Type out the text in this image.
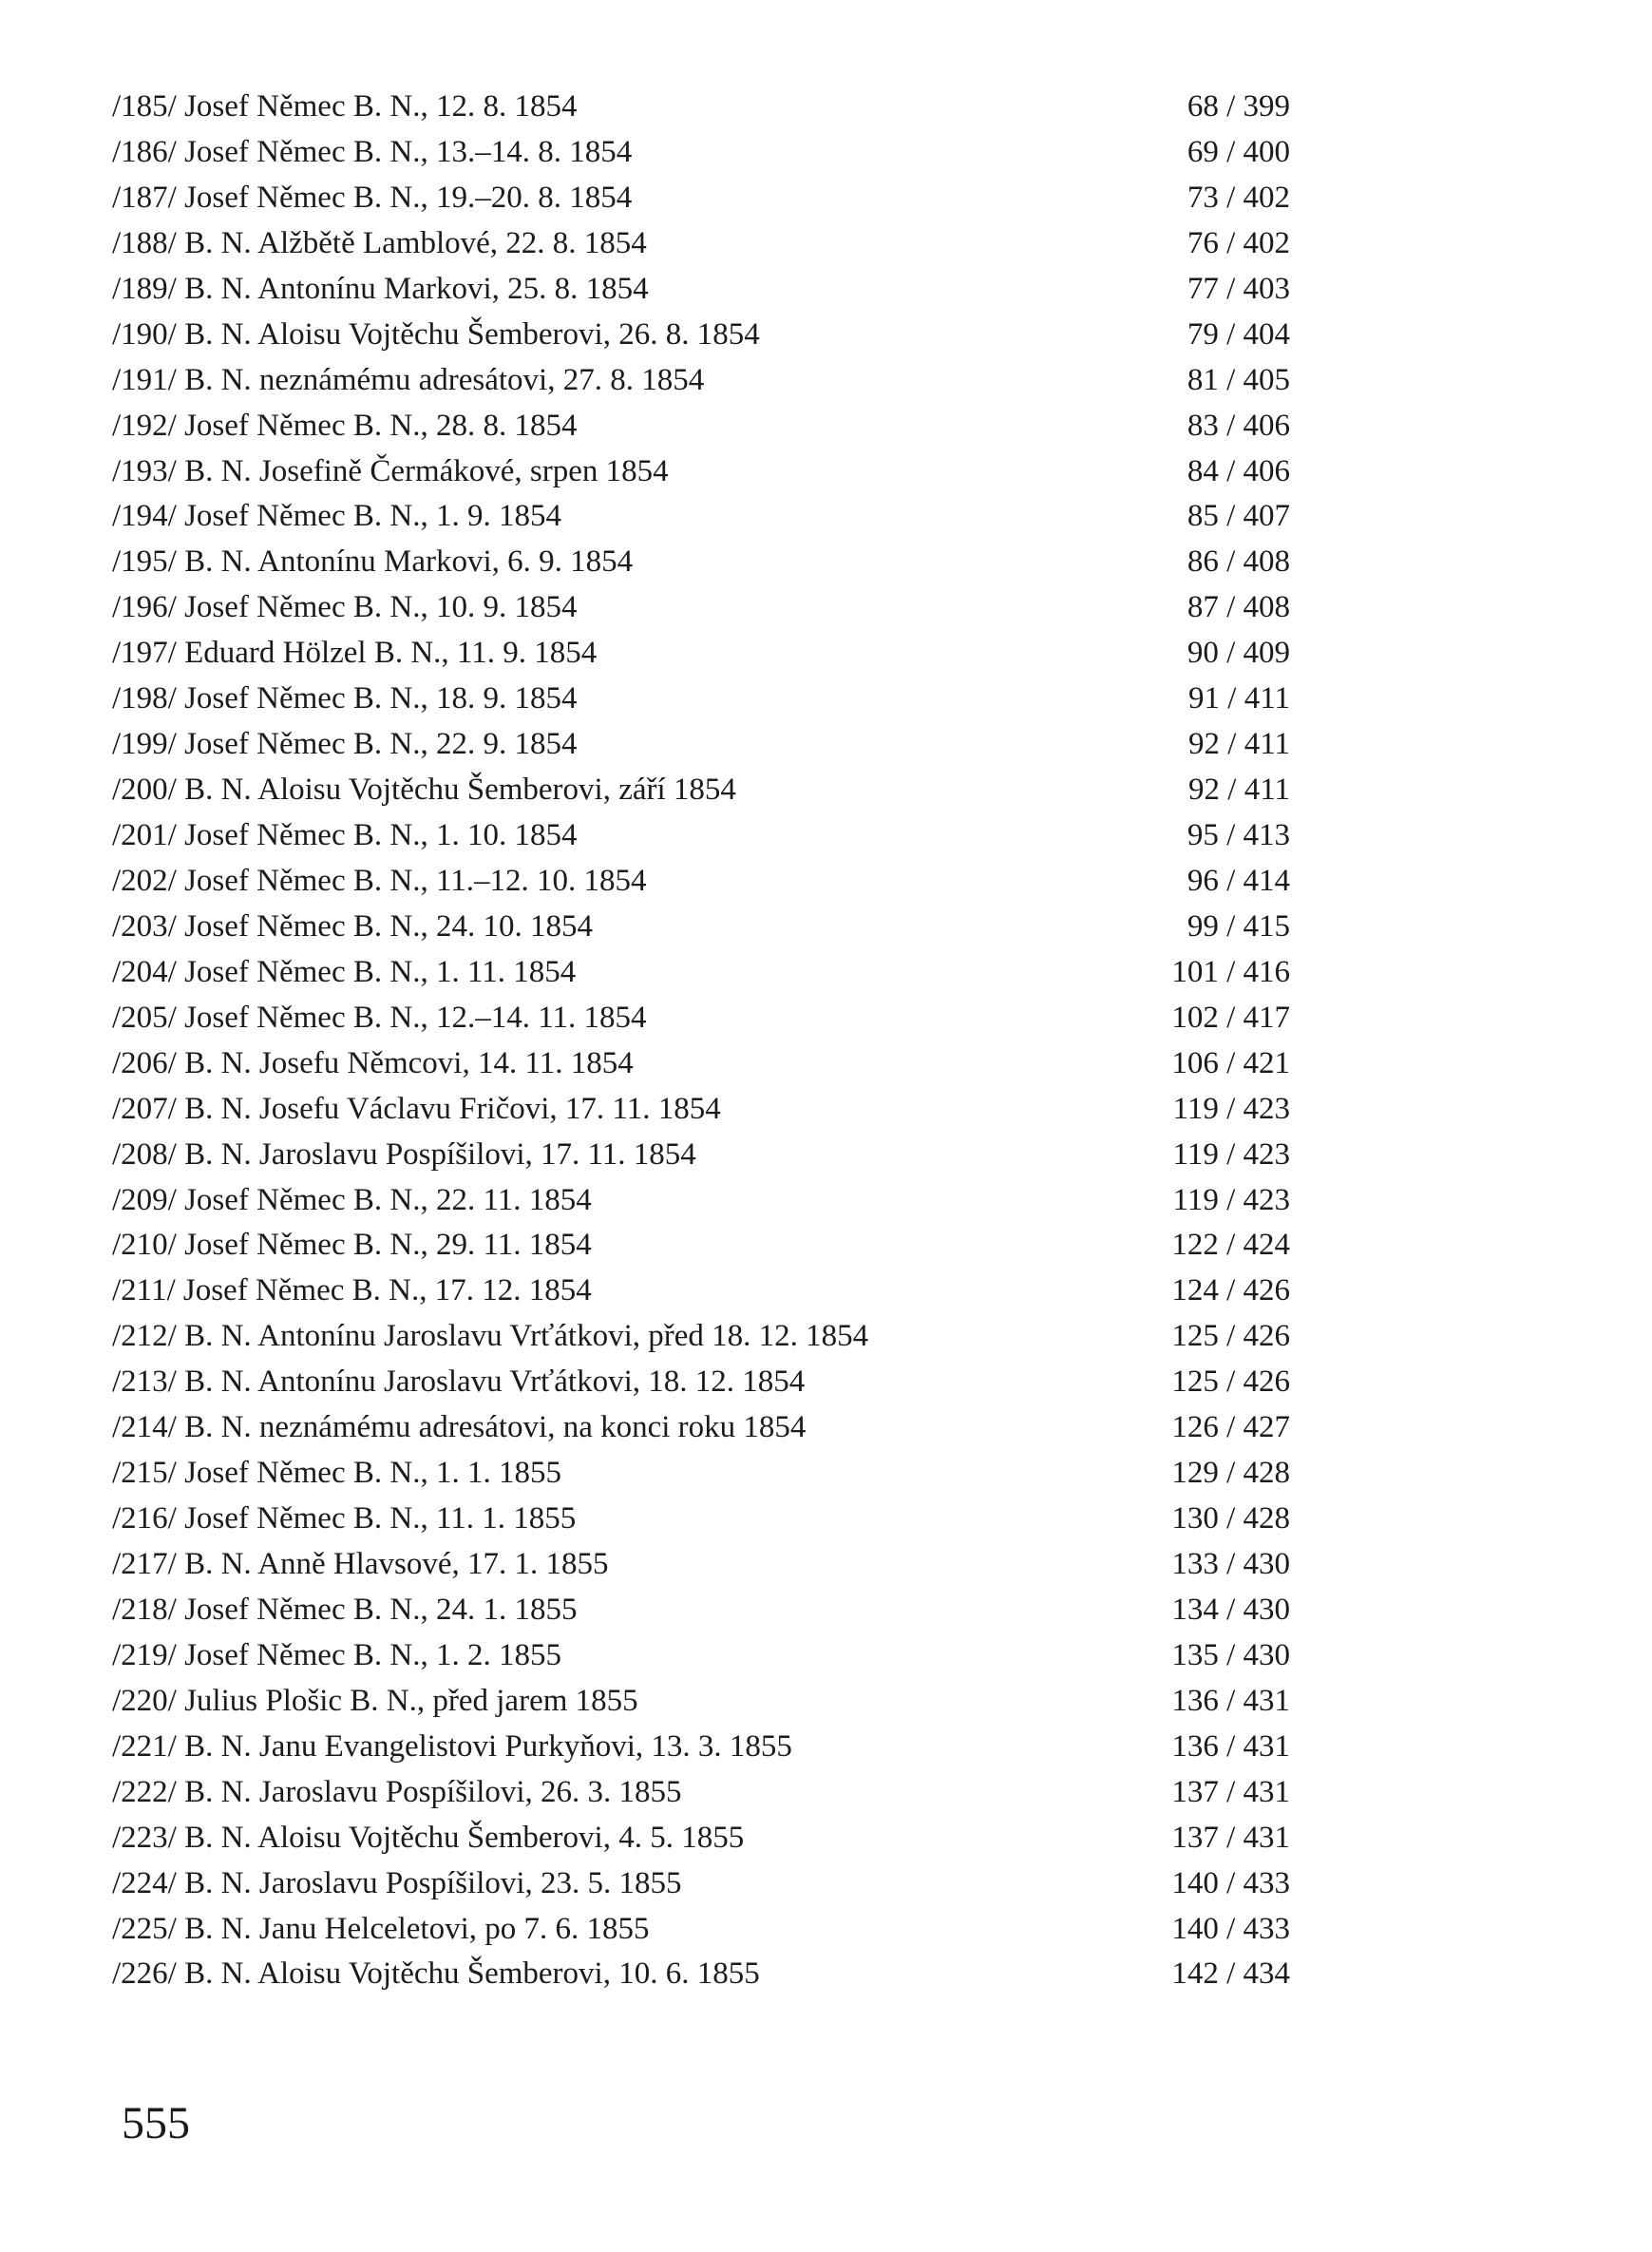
/185/ Josef Němec B. N., 12. 8. 1854	68 / 399
/186/ Josef Němec B. N., 13.–14. 8. 1854	69 / 400
/187/ Josef Němec B. N., 19.–20. 8. 1854	73 / 402
/188/ B. N. Alžbětě Lamblové, 22. 8. 1854	76 / 402
/189/ B. N. Antonínu Markovi, 25. 8. 1854	77 / 403
/190/ B. N. Aloisu Vojtěchu Šemberovi, 26. 8. 1854	79 / 404
/191/ B. N. neznámému adresátovi, 27. 8. 1854	81 / 405
/192/ Josef Němec B. N., 28. 8. 1854	83 / 406
/193/ B. N. Josefině Čermákové, srpen 1854	84 / 406
/194/ Josef Němec B. N., 1. 9. 1854	85 / 407
/195/ B. N. Antonínu Markovi, 6. 9. 1854	86 / 408
/196/ Josef Němec B. N., 10. 9. 1854	87 / 408
/197/ Eduard Hölzel B. N., 11. 9. 1854	90 / 409
/198/ Josef Němec B. N., 18. 9. 1854	91 / 411
/199/ Josef Němec B. N., 22. 9. 1854	92 / 411
/200/ B. N. Aloisu Vojtěchu Šemberovi, září 1854	92 / 411
/201/ Josef Němec B. N., 1. 10. 1854	95 / 413
/202/ Josef Němec B. N., 11.–12. 10. 1854	96 / 414
/203/ Josef Němec B. N., 24. 10. 1854	99 / 415
/204/ Josef Němec B. N., 1. 11. 1854	101 / 416
/205/ Josef Němec B. N., 12.–14. 11. 1854	102 / 417
/206/ B. N. Josefu Němcovi, 14. 11. 1854	106 / 421
/207/ B. N. Josefu Václavu Fričovi, 17. 11. 1854	119 / 423
/208/ B. N. Jaroslavu Pospíšilovi, 17. 11. 1854	119 / 423
/209/ Josef Němec B. N., 22. 11. 1854	119 / 423
/210/ Josef Němec B. N., 29. 11. 1854	122 / 424
/211/ Josef Němec B. N., 17. 12. 1854	124 / 426
/212/ B. N. Antonínu Jaroslavu Vrťátkovi, před 18. 12. 1854	125 / 426
/213/ B. N. Antonínu Jaroslavu Vrťátkovi, 18. 12. 1854	125 / 426
/214/ B. N. neznámému adresátovi, na konci roku 1854	126 / 427
/215/ Josef Němec B. N., 1. 1. 1855	129 / 428
/216/ Josef Němec B. N., 11. 1. 1855	130 / 428
/217/ B. N. Anně Hlavsové, 17. 1. 1855	133 / 430
/218/ Josef Němec B. N., 24. 1. 1855	134 / 430
/219/ Josef Němec B. N., 1. 2. 1855	135 / 430
/220/ Julius Plošic B. N., před jarem 1855	136 / 431
/221/ B. N. Janu Evangelistovi Purkyňovi, 13. 3. 1855	136 / 431
/222/ B. N. Jaroslavu Pospíšilovi, 26. 3. 1855	137 / 431
/223/ B. N. Aloisu Vojtěchu Šemberovi, 4. 5. 1855	137 / 431
/224/ B. N. Jaroslavu Pospíšilovi, 23. 5. 1855	140 / 433
/225/ B. N. Janu Helceletovi, po 7. 6. 1855	140 / 433
/226/ B. N. Aloisu Vojtěchu Šemberovi, 10. 6. 1855	142 / 434
555
